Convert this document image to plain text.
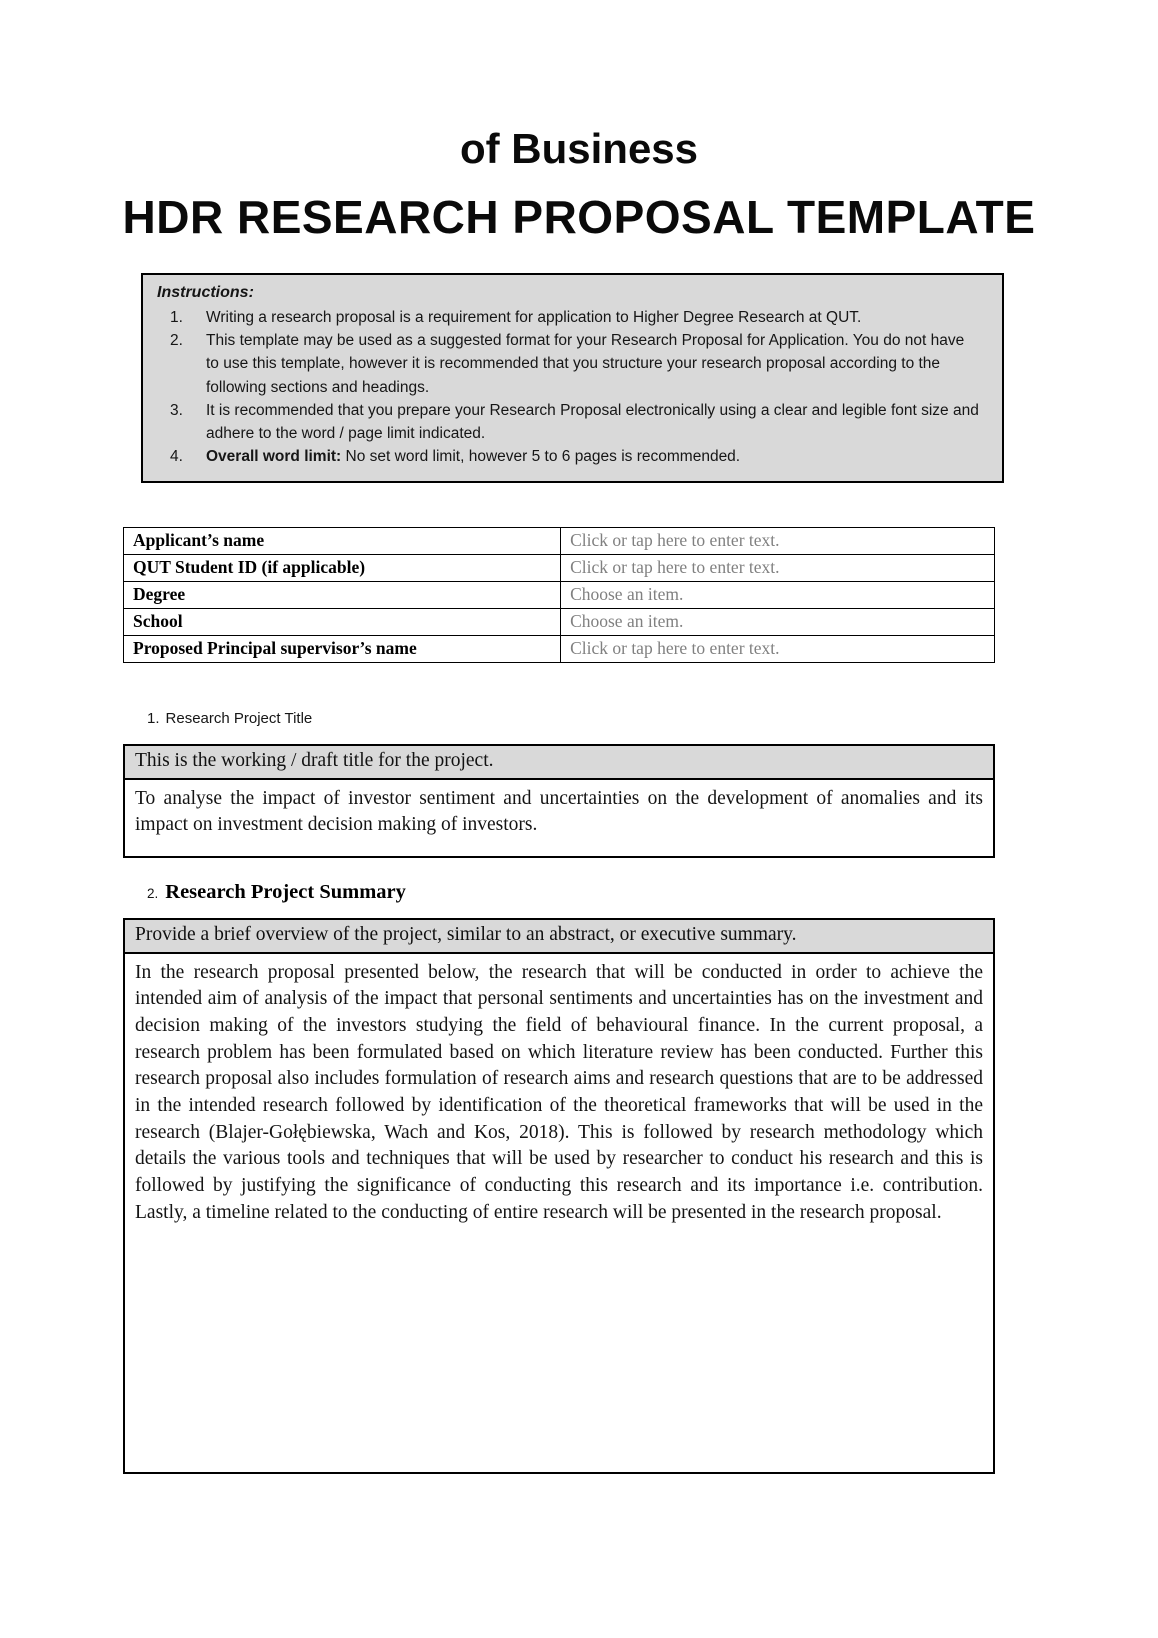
of Business
HDR RESEARCH PROPOSAL TEMPLATE
Instructions:
1.	Writing a research proposal is a requirement for application to Higher Degree Research at QUT.
2.	This template may be used as a suggested format for your Research Proposal for Application. You do not have to use this template, however it is recommended that you structure your research proposal according to the following sections and headings.
3.	It is recommended that you prepare your Research Proposal electronically using a clear and legible font size and adhere to the word / page limit indicated.
4.	Overall word limit: No set word limit, however 5 to 6 pages is recommended.
Applicant’s name	Click or tap here to enter text.
QUT Student ID (if applicable)	Click or tap here to enter text.
Degree	Choose an item.
School	Choose an item.
Proposed Principal supervisor’s name	Click or tap here to enter text.
1. Research Project Title
This is the working / draft title for the project.
To analyse the impact of investor sentiment and uncertainties on the development of anomalies and its impact on investment decision making of investors.
2. Research Project Summary
Provide a brief overview of the project, similar to an abstract, or executive summary.
In the research proposal presented below, the research that will be conducted in order to achieve the intended aim of analysis of the impact that personal sentiments and uncertainties has on the investment and decision making of the investors studying the field of behavioural finance. In the current proposal, a research problem has been formulated based on which literature review has been conducted. Further this research proposal also includes formulation of research aims and research questions that are to be addressed in the intended research followed by identification of the theoretical frameworks that will be used in the research (Blajer-Gołębiewska, Wach and Kos, 2018). This is followed by research methodology which details the various tools and techniques that will be used by researcher to conduct his research and this is followed by justifying the significance of conducting this research and its importance i.e. contribution. Lastly, a timeline related to the conducting of entire research will be presented in the research proposal.
